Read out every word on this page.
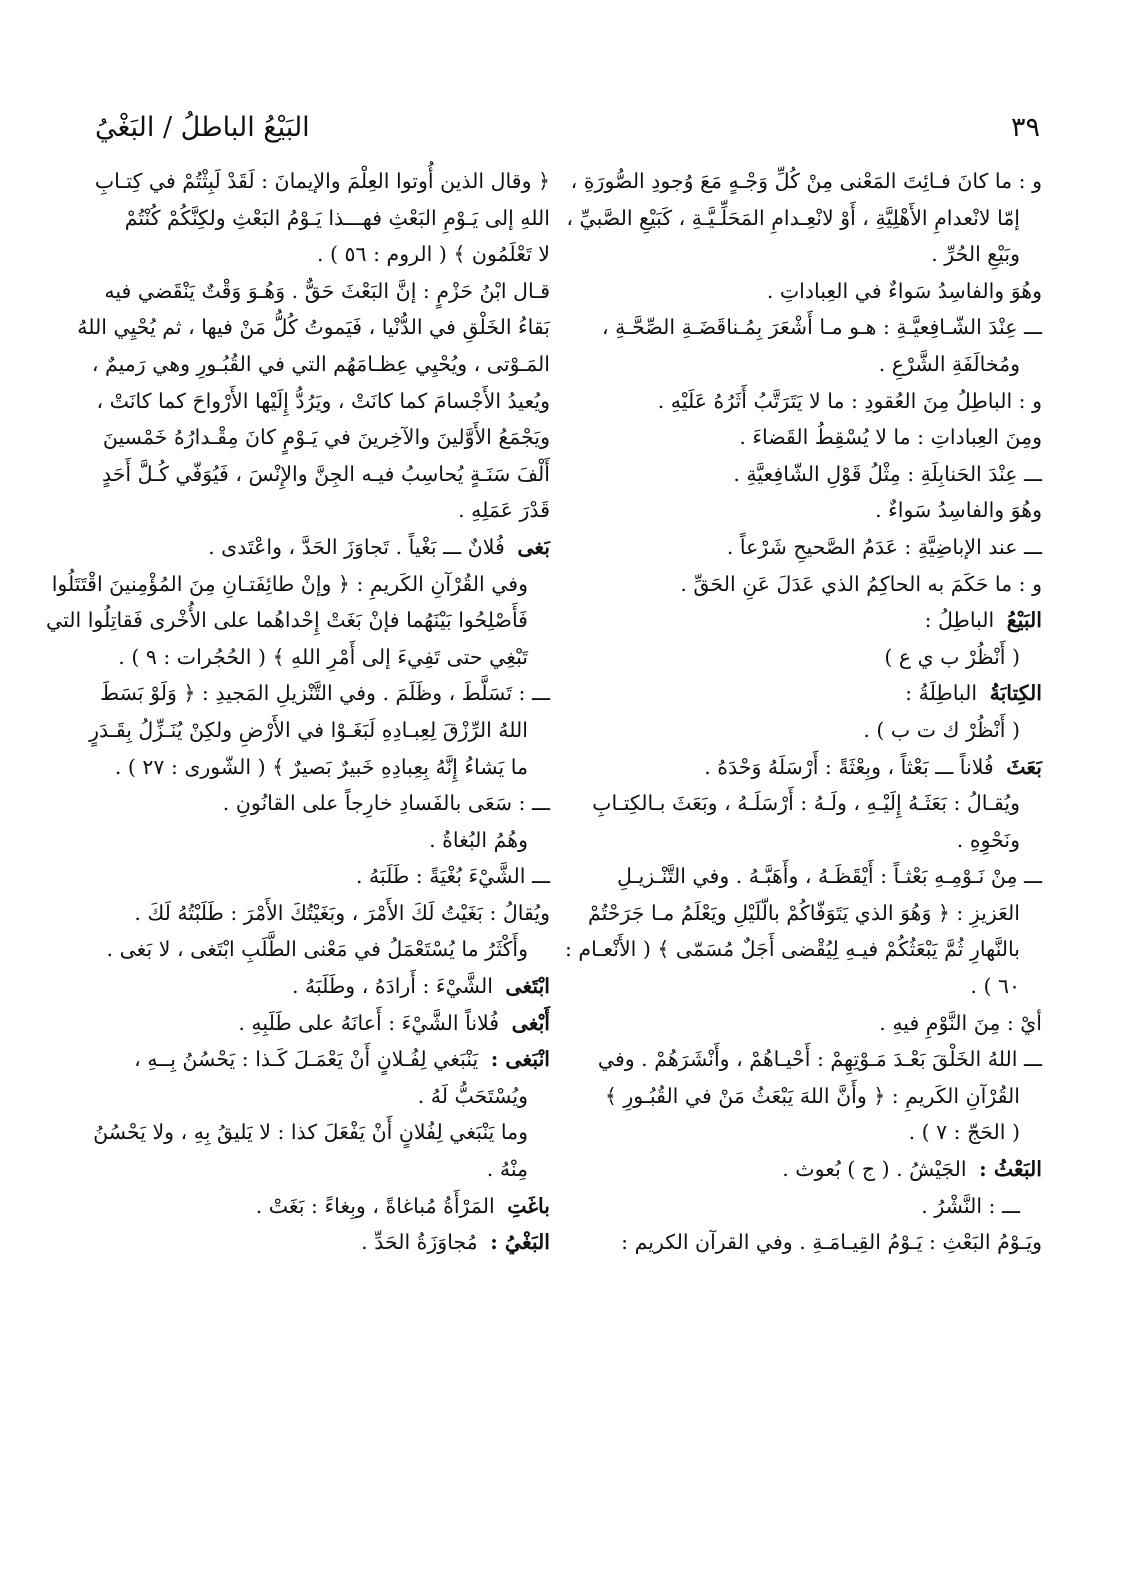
٣٩
البَيْعُ الباطلُ / البَغْيُ
و : ما كانَ فـائِتَ المَعْنى مِنْ كُلِّ وَجْـهٍ مَعَ وُجودِ الصُّورَةِ ،
إمّا لانْعدامِ الأَهْلِيَّةِ ، أَوْ لانْعِـدامِ المَحَلِّـيَّـةِ ، كَبَيْعِ الصَّبيِّ ،
وبَيْعِ الحُرِّ .
وهُوَ والفاسِدُ سَواءٌ في العِباداتِ .
ـــ عِنْدَ الشّـافِعيَّـةِ : هـو مـا أَشْعَرَ بِمُـناقَضَـةِ الصِّحَّـةِ ،
ومُخالَفَةِ الشَّرْعِ .
و : الباطِلُ مِنَ العُقودِ : ما لا يَتَرَتَّبُ أَثَرُهُ عَلَيْهِ .
ومِنَ العِباداتِ : ما لا يُسْقِطُ القَضاءَ .
ـــ عِنْدَ الحَنابِلَةِ : مِثْلُ قَوْلِ الشّافِعيَّةِ .
وهُوَ والفاسِدُ سَواءٌ .
ـــ عند الإباضِيَّةِ : عَدَمُ الصَّحيحِ شَرْعاً .
و : ما حَكَمَ به الحاكِمُ الذي عَدَلَ عَنِ الحَقِّ .
البَيْعُ الباطِلُ :
( أَنْظُرْ ب ي ع )
الكِتابَةُ الباطِلَةُ :
( أَنْظُرْ ك ت ب ) .
بَعَثَ فُلاناً ـــ بَعْثاً ، وبِعْثَةً : أَرْسَلَهُ وَحْدَهُ .
ويُقـالُ : بَعَثَـهُ إِلَيْـهِ ، ولَـهُ : أَرْسَلَـهُ ، وبَعَثَ بـالكِتـابِ
ونَحْوِهِ .
ـــ مِنْ نَـوْمِـهِ بَعْثـاً : أَيْقَظَـهُ ، وأَهَبَّـهُ . وفي التَّنْـزيـلِ
العَزيزِ : ﴿ وَهُوَ الذي يَتَوَفّاكُمْ بالّلَيْلِ ويَعْلَمُ مـا جَرَحْتُمْ
بالنَّهارِ ثُمَّ يَبْعَثُكُمْ فيـهِ لِيُقْضى أَجَلٌ مُسَمّى ﴾ ( الأَنْعـام :
٦٠ ) .
أيْ : مِنَ النَّوْمِ فيهِ .
ـــ اللهُ الخَلْقَ بَعْـدَ مَـوْتِهِمْ : أَحْيـاهُمْ ، وأَنْشَرَهُمْ . وفي
القُرْآنِ الكَريمِ : ﴿ وأَنَّ اللهَ يَبْعَثُ مَنْ في القُبُـورِ ﴾
( الحَجّ : ٧ ) .
البَعْثُ : الجَيْشُ . ( ج ) بُعوث .
ـــ : النَّشْرُ .
ويَـوْمُ البَعْثِ : يَـوْمُ القِيـامَـةِ . وفي القرآن الكريم :
﴿ وقال الذين أُوتوا العِلْمَ والإيمانَ : لَقَدْ لَبِثْتُمْ في كِتـابِ
اللهِ إلى يَـوْمِ البَعْثِ فهـــذا يَـوْمُ البَعْثِ ولكِنَّكُمْ كُنْتُمْ
لا تَعْلَمُون ﴾ ( الروم : ٥٦ ) .
قـال ابْنُ حَزْمٍ : إنَّ البَعْثَ حَقٌّ . وَهُـوَ وَقْتٌ يَنْقَضي فيه
بَقاءُ الخَلْقِ في الدُّنْيا ، فَيَموتُ كُلُّ مَنْ فيها ، ثم يُحْيِي اللهُ
المَـوْتى ، ويُحْيِي عِظـامَهُم التي في القُبُـورِ وهي رَميمٌ ،
ويُعيدُ الأَجْسامَ كما كانَتْ ، ويَرُدُّ إِلَيْها الأَرْواحَ كما كانَتْ ،
ويَجْمَعُ الأَوَّلينَ والآخِرينَ في يَـوْمٍ كانَ مِقْـدارُهُ خَمْسينَ
أَلْفَ سَنَـةٍ يُحاسِبُ فيـه الجِنَّ والإِنْسَ ، فَيُوَفّي كُـلَّ أَحَدٍ
قَدْرَ عَمَلِهِ .
بَغى فُلانٌ ـــ بَغْياً . تَجاوَزَ الحَدَّ ، واعْتَدى .
وفي القُرْآنِ الكَريمِ : ﴿ وإنْ طائِفَتـانِ مِنَ المُؤْمِنينَ اقْتَتَلُوا
فَأَصْلِحُوا بَيْنَهُما فإنْ بَغَتْ إِحْداهُما على الأُخْرى فَقاتِلُوا التي
تَبْغِي حتى تَفِيءَ إلى أَمْرِ اللهِ ﴾ ( الحُجُرات : ٩ ) .
ـــ : تَسَلَّطَ ، وظَلَمَ . وفي التَّنْزيلِ المَجيدِ : ﴿ وَلَوْ بَسَطَ
اللهُ الرِّزْقَ لِعِبـادِهِ لَبَغَـوْا في الأَرْضِ ولكِنْ يُنَـزِّلُ بِقَـدَرٍ
ما يَشاءُ إِنَّهُ بِعِبادِهِ خَبيرٌ بَصيرٌ ﴾ ( الشّورى : ٢٧ ) .
ـــ : سَعَى بالفَسادِ خارِجاً على القانُونِ .
وهُمُ البُغاةُ .
ـــ الشَّيْءَ بُغْيَةً : طَلَبَهُ .
ويُقالُ : بَغَيْتُ لَكَ الأَمْرَ ، وبَغَيْتُكَ الأَمْرَ : طَلَبْتُهُ لَكَ .
وأَكْثَرُ ما يُسْتَعْمَلُ في مَعْنى الطَّلَبِ ابْتَغى ، لا بَغى .
ابْتَغى الشَّيْءَ : أَرادَهُ ، وطَلَبَهُ .
أَبْغى فُلاناً الشَّيْءَ : أَعانَهُ على طَلَبِهِ .
انْبَغى : يَنْبَغي لِفُـلانٍ أَنْ يَعْمَـلَ كَـذا : يَحْسُنُ بِــهِ ،
ويُسْتَحَبُّ لَهُ .
وما يَنْبَغي لِفُلانٍ أَنْ يَفْعَلَ كذا : لا يَليقُ بِهِ ، ولا يَحْسُنُ
مِنْهُ .
باغَتِ المَرْأَةُ مُباغاةً ، وبِغاءً : بَغَتْ .
البَغْيُ : مُجاوَزَةُ الحَدِّ .
